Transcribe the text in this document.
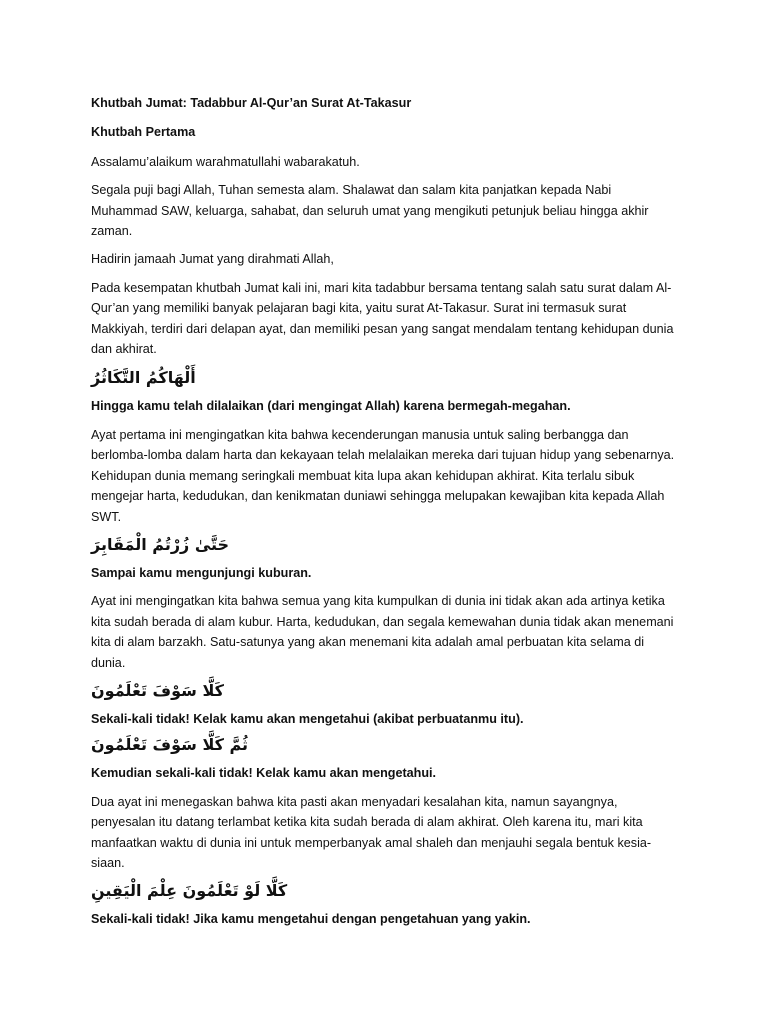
Khutbah Jumat: Tadabbur Al-Qur’an Surat At-Takasur

Khutbah Pertama

Assalamu’alaikum warahmatullahi wabarakatuh.

Segala puji bagi Allah, Tuhan semesta alam. Shalawat dan salam kita panjatkan kepada Nabi Muhammad SAW, keluarga, sahabat, dan seluruh umat yang mengikuti petunjuk beliau hingga akhir zaman.

Hadirin jamaah Jumat yang dirahmati Allah,

Pada kesempatan khutbah Jumat kali ini, mari kita tadabbur bersama tentang salah satu surat dalam Al-Qur’an yang memiliki banyak pelajaran bagi kita, yaitu surat At-Takasur. Surat ini termasuk surat Makkiyah, terdiri dari delapan ayat, dan memiliki pesan yang sangat mendalam tentang kehidupan dunia dan akhirat.

أَلْهَاكُمُ التَّكَاثُرُ

Hingga kamu telah dilalaikan (dari mengingat Allah) karena bermegah-megahan.

Ayat pertama ini mengingatkan kita bahwa kecenderungan manusia untuk saling berbangga dan berlomba-lomba dalam harta dan kekayaan telah melalaikan mereka dari tujuan hidup yang sebenarnya. Kehidupan dunia memang seringkali membuat kita lupa akan kehidupan akhirat. Kita terlalu sibuk mengejar harta, kedudukan, dan kenikmatan duniawi sehingga melupakan kewajiban kita kepada Allah SWT.

حَتَّىٰ زُرْتُمُ الْمَقَابِرَ

Sampai kamu mengunjungi kuburan.

Ayat ini mengingatkan kita bahwa semua yang kita kumpulkan di dunia ini tidak akan ada artinya ketika kita sudah berada di alam kubur. Harta, kedudukan, dan segala kemewahan dunia tidak akan menemani kita di alam barzakh. Satu-satunya yang akan menemani kita adalah amal perbuatan kita selama di dunia.

كَلَّا سَوْفَ تَعْلَمُونَ

Sekali-kali tidak! Kelak kamu akan mengetahui (akibat perbuatanmu itu).

ثُمَّ كَلَّا سَوْفَ تَعْلَمُونَ

Kemudian sekali-kali tidak! Kelak kamu akan mengetahui.

Dua ayat ini menegaskan bahwa kita pasti akan menyadari kesalahan kita, namun sayangnya, penyesalan itu datang terlambat ketika kita sudah berada di alam akhirat. Oleh karena itu, mari kita manfaatkan waktu di dunia ini untuk memperbanyak amal shaleh dan menjauhi segala bentuk kesia-siaan.

كَلَّا لَوْ تَعْلَمُونَ عِلْمَ الْيَقِينِ

Sekali-kali tidak! Jika kamu mengetahui dengan pengetahuan yang yakin.
